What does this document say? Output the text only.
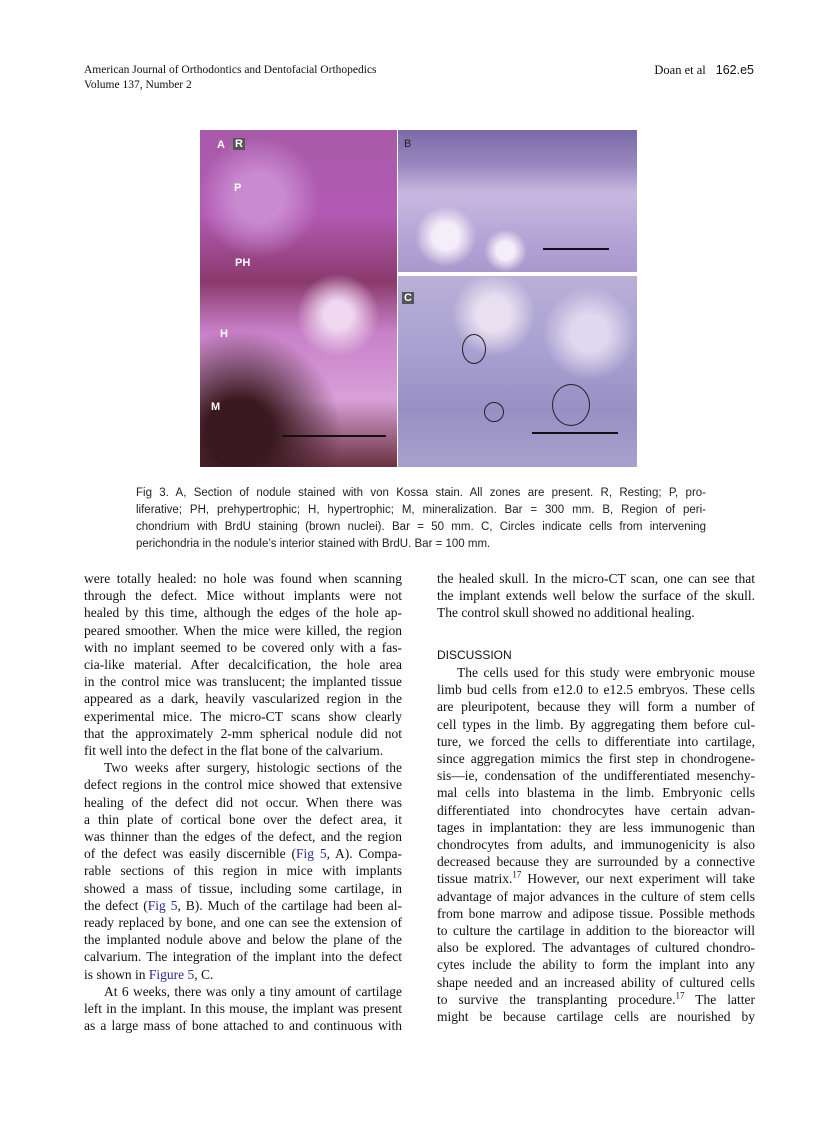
American Journal of Orthodontics and Dentofacial Orthopedics
Volume 137, Number 2
Doan et al 162.e5
A R
P
PH
H
M
B
C
Fig 3. A, Section of nodule stained with von Kossa stain. All zones are present. R, Resting; P, pro-
liferative; PH, prehypertrophic; H, hypertrophic; M, mineralization. Bar = 300 mm. B, Region of peri-
chondrium with BrdU staining (brown nuclei). Bar = 50 mm. C, Circles indicate cells from intervening
perichondria in the nodule’s interior stained with BrdU. Bar = 100 mm.
were totally healed: no hole was found when scanning
through the defect. Mice without implants were not
healed by this time, although the edges of the hole ap-
peared smoother. When the mice were killed, the region
with no implant seemed to be covered only with a fas-
cia-like material. After decalcification, the hole area
in the control mice was translucent; the implanted tissue
appeared as a dark, heavily vascularized region in the
experimental mice. The micro-CT scans show clearly
that the approximately 2-mm spherical nodule did not
fit well into the defect in the flat bone of the calvarium.
Two weeks after surgery, histologic sections of the
defect regions in the control mice showed that extensive
healing of the defect did not occur. When there was
a thin plate of cortical bone over the defect area, it
was thinner than the edges of the defect, and the region
of the defect was easily discernible (Fig 5, A). Compa-
rable sections of this region in mice with implants
showed a mass of tissue, including some cartilage, in
the defect (Fig 5, B). Much of the cartilage had been al-
ready replaced by bone, and one can see the extension of
the implanted nodule above and below the plane of the
calvarium. The integration of the implant into the defect
is shown in Figure 5, C.
At 6 weeks, there was only a tiny amount of cartilage
left in the implant. In this mouse, the implant was present
as a large mass of bone attached to and continuous with
the healed skull. In the micro-CT scan, one can see that
the implant extends well below the surface of the skull.
The control skull showed no additional healing.
DISCUSSION
The cells used for this study were embryonic mouse
limb bud cells from e12.0 to e12.5 embryos. These cells
are pleuripotent, because they will form a number of
cell types in the limb. By aggregating them before cul-
ture, we forced the cells to differentiate into cartilage,
since aggregation mimics the first step in chondrogene-
sis—ie, condensation of the undifferentiated mesenchy-
mal cells into blastema in the limb. Embryonic cells
differentiated into chondrocytes have certain advan-
tages in implantation: they are less immunogenic than
chondrocytes from adults, and immunogenicity is also
decreased because they are surrounded by a connective
tissue matrix.$^{17}$ However, our next experiment will take
advantage of major advances in the culture of stem cells
from bone marrow and adipose tissue. Possible methods
to culture the cartilage in addition to the bioreactor will
also be explored. The advantages of cultured chondro-
cytes include the ability to form the implant into any
shape needed and an increased ability of cultured cells
to survive the transplanting procedure.$^{17}$ The latter
might be because cartilage cells are nourished by
